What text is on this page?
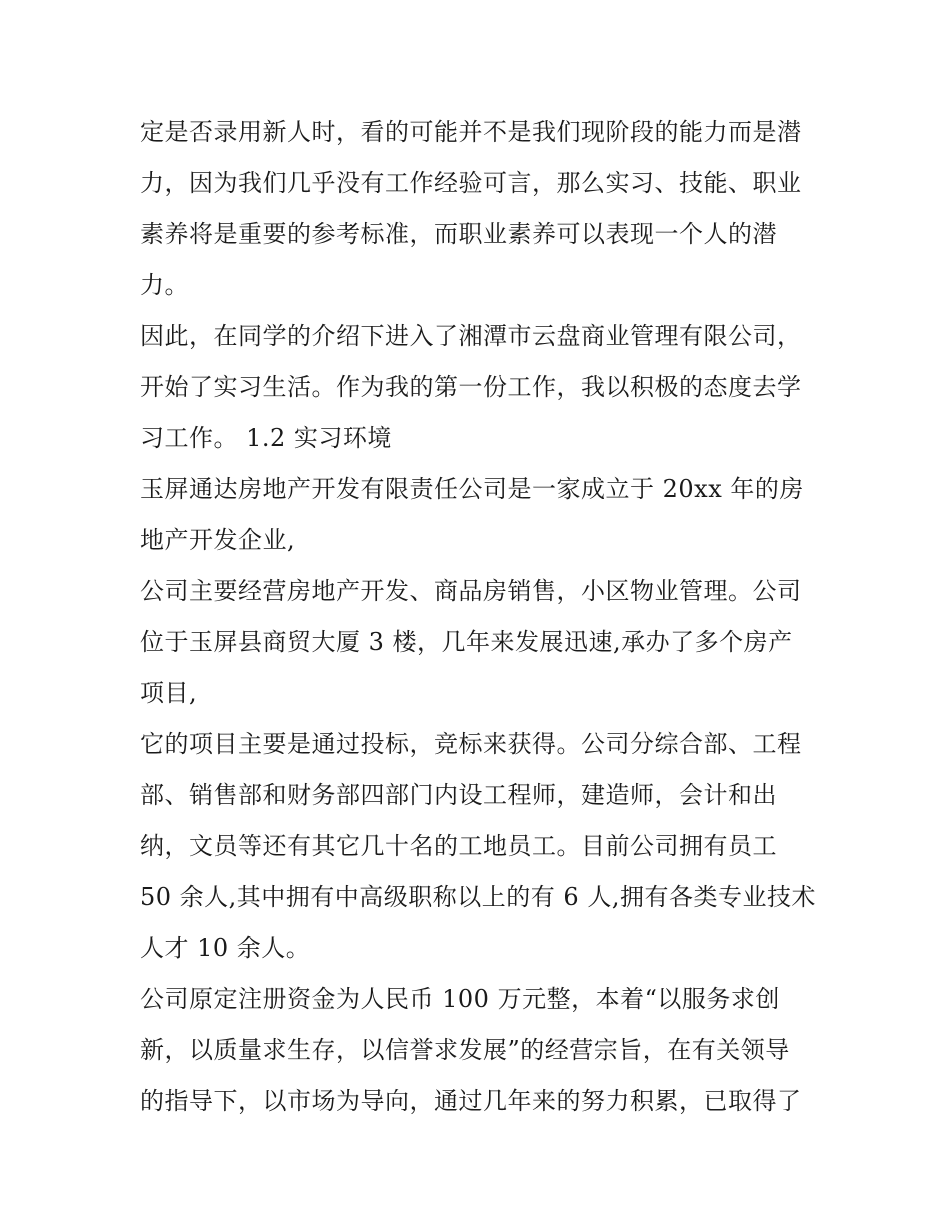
定是否录用新人时，看的可能并不是我们现阶段的能力而是潜
力，因为我们几乎没有工作经验可言，那么实习、技能、职业
素养将是重要的参考标准，而职业素养可以表现一个人的潜
力。
因此，在同学的介绍下进入了湘潭市云盘商业管理有限公司，
开始了实习生活。作为我的第一份工作，我以积极的态度去学
习工作。 1.2 实习环境
玉屏通达房地产开发有限责任公司是一家成立于 20xx 年的房
地产开发企业,
公司主要经营房地产开发、商品房销售，小区物业管理。公司
位于玉屏县商贸大厦 3 楼，几年来发展迅速,承办了多个房产
项目,
它的项目主要是通过投标，竞标来获得。公司分综合部、工程
部、销售部和财务部四部门内设工程师，建造师，会计和出
纳，文员等还有其它几十名的工地员工。目前公司拥有员工
50 余人,其中拥有中高级职称以上的有 6 人,拥有各类专业技术
人才 10 余人。
公司原定注册资金为人民币 100 万元整，本着“以服务求创
新，以质量求生存，以信誉求发展”的经营宗旨，在有关领导
的指导下，以市场为导向，通过几年来的努力积累，已取得了
